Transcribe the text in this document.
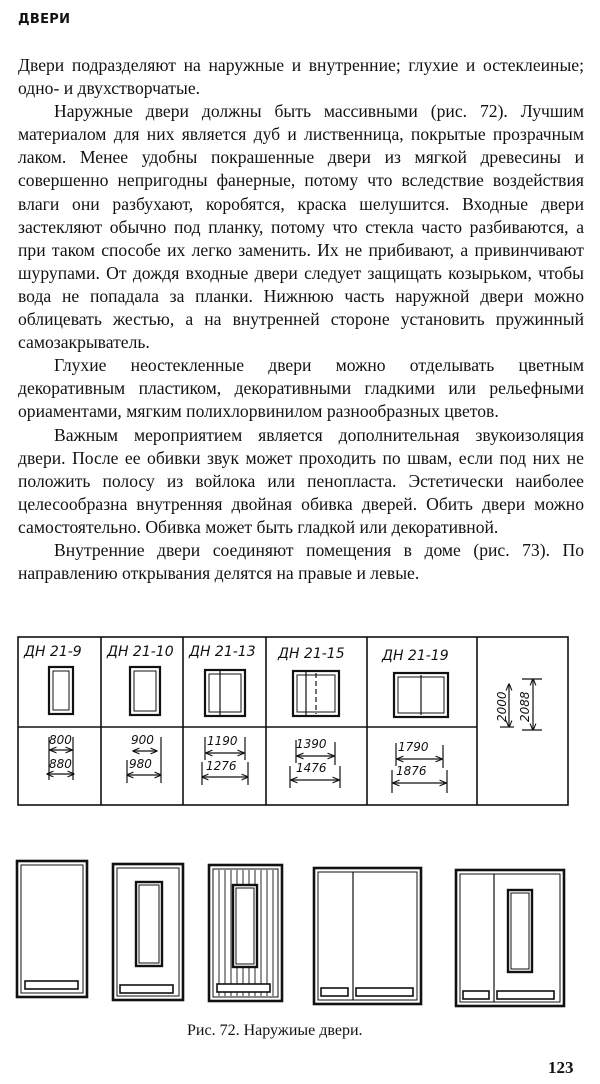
ДВЕРИ

Двери подразделяют на наружные и внутренние; глухие и остеклеиные; одно- и двухстворчатые.

Наружные двери должны быть массивными (рис. 72). Лучшим материалом для них является дуб и лиственница, покрытые прозрачным лаком. Менее удобны покрашенные двери из мягкой древесины и совершенно непригодны фанерные, потому что вследствие воздействия влаги они разбухают, коробятся, краска шелушится. Входные двери застекляют обычно под планку, потому что стекла часто разбиваются, а при таком способе их легко заменить. Их не прибивают, а привинчивают шурупами. От дождя входные двери следует защищать козырьком, чтобы вода не попадала за планки. Нижнюю часть наружной двери можно облицевать жестью, а на внутренней стороне установить пружинный самозакрыватель.

Глухие неостекленные двери можно отделывать цветным декоративным пластиком, декоративными гладкими или рельефными ориаментами, мягким полихлорвинилом разнообразных цветов.

Важным мероприятием является дополнительная звукоизоляция двери. После ее обивки звук может проходить по швам, если под них не положить полосу из войлока или пенопласта. Эстетически наиболее целесообразна внутренняя двойная обивка дверей. Обить двери можно самостоятельно. Обивка может быть гладкой или декоративной.

Внутренние двери соединяют помещения в доме (рис. 73). По направлению открывания делятся на правые и левые.

ДН 21-9 ДН 21-10 ДН 21-13 ДН 21-15	ДН 21-19
800
880
900
980
1190
1276
1390
1476
1790
1876
2000 2088
Рис. 72. Наружиые двери.
123
